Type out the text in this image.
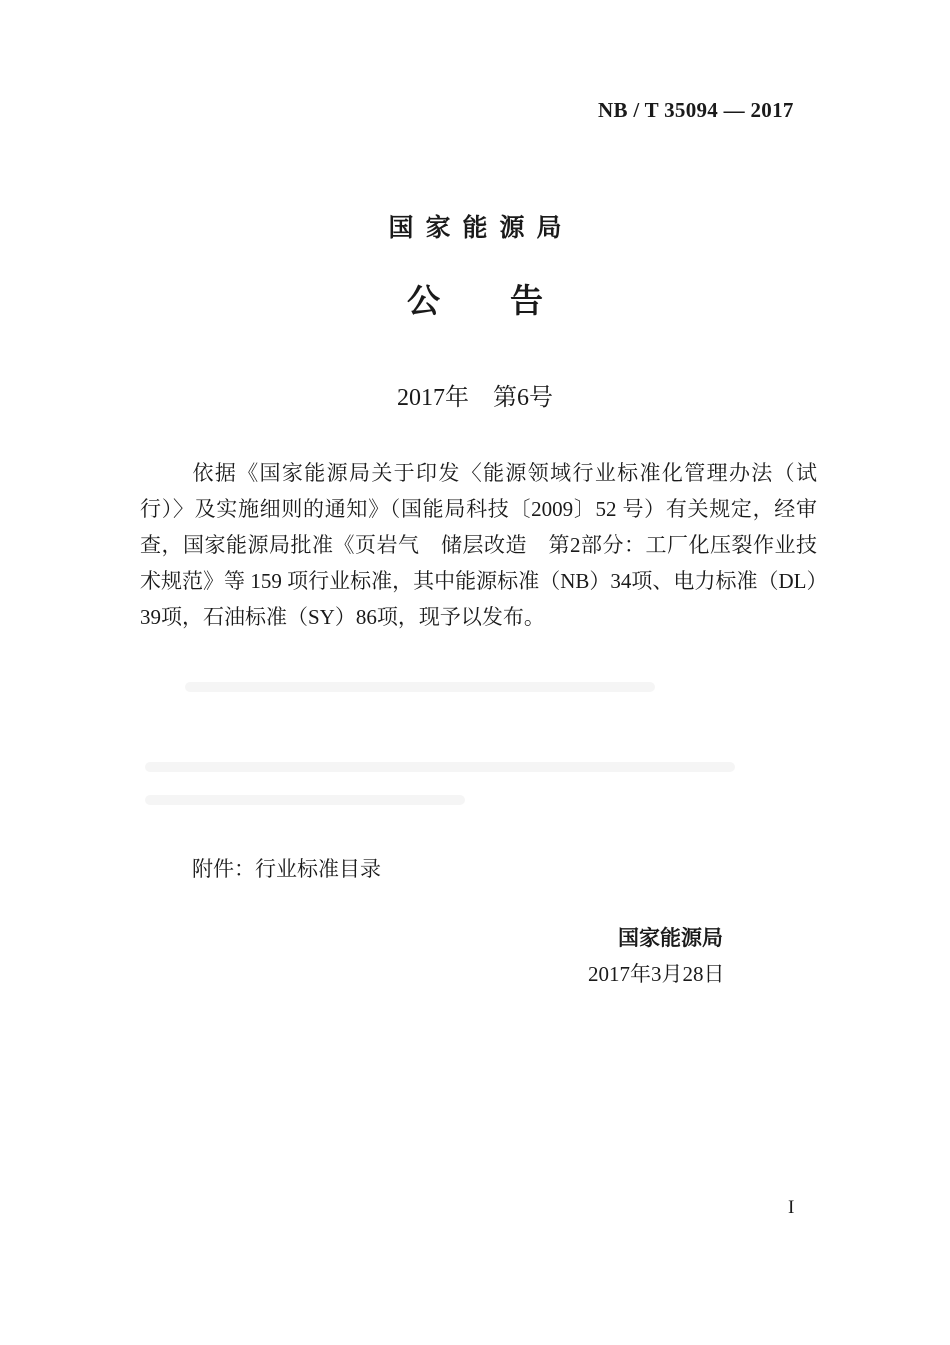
NB / T 35094 — 2017
国家能源局
公告
2017年　第6号

依据《国家能源局关于印发〈能源领域行业标准化管理办法（试行）〉及实施细则的通知》（国能局科技〔2009〕52 号）有关规定，经审查，国家能源局批准《页岩气　储层改造　第2部分：工厂化压裂作业技术规范》等 159 项行业标准，其中能源标准（NB）34项、电力标准（DL）39项，石油标准（SY）86项，现予以发布。

附件：行业标准目录
国家能源局
2017年3月28日
I
